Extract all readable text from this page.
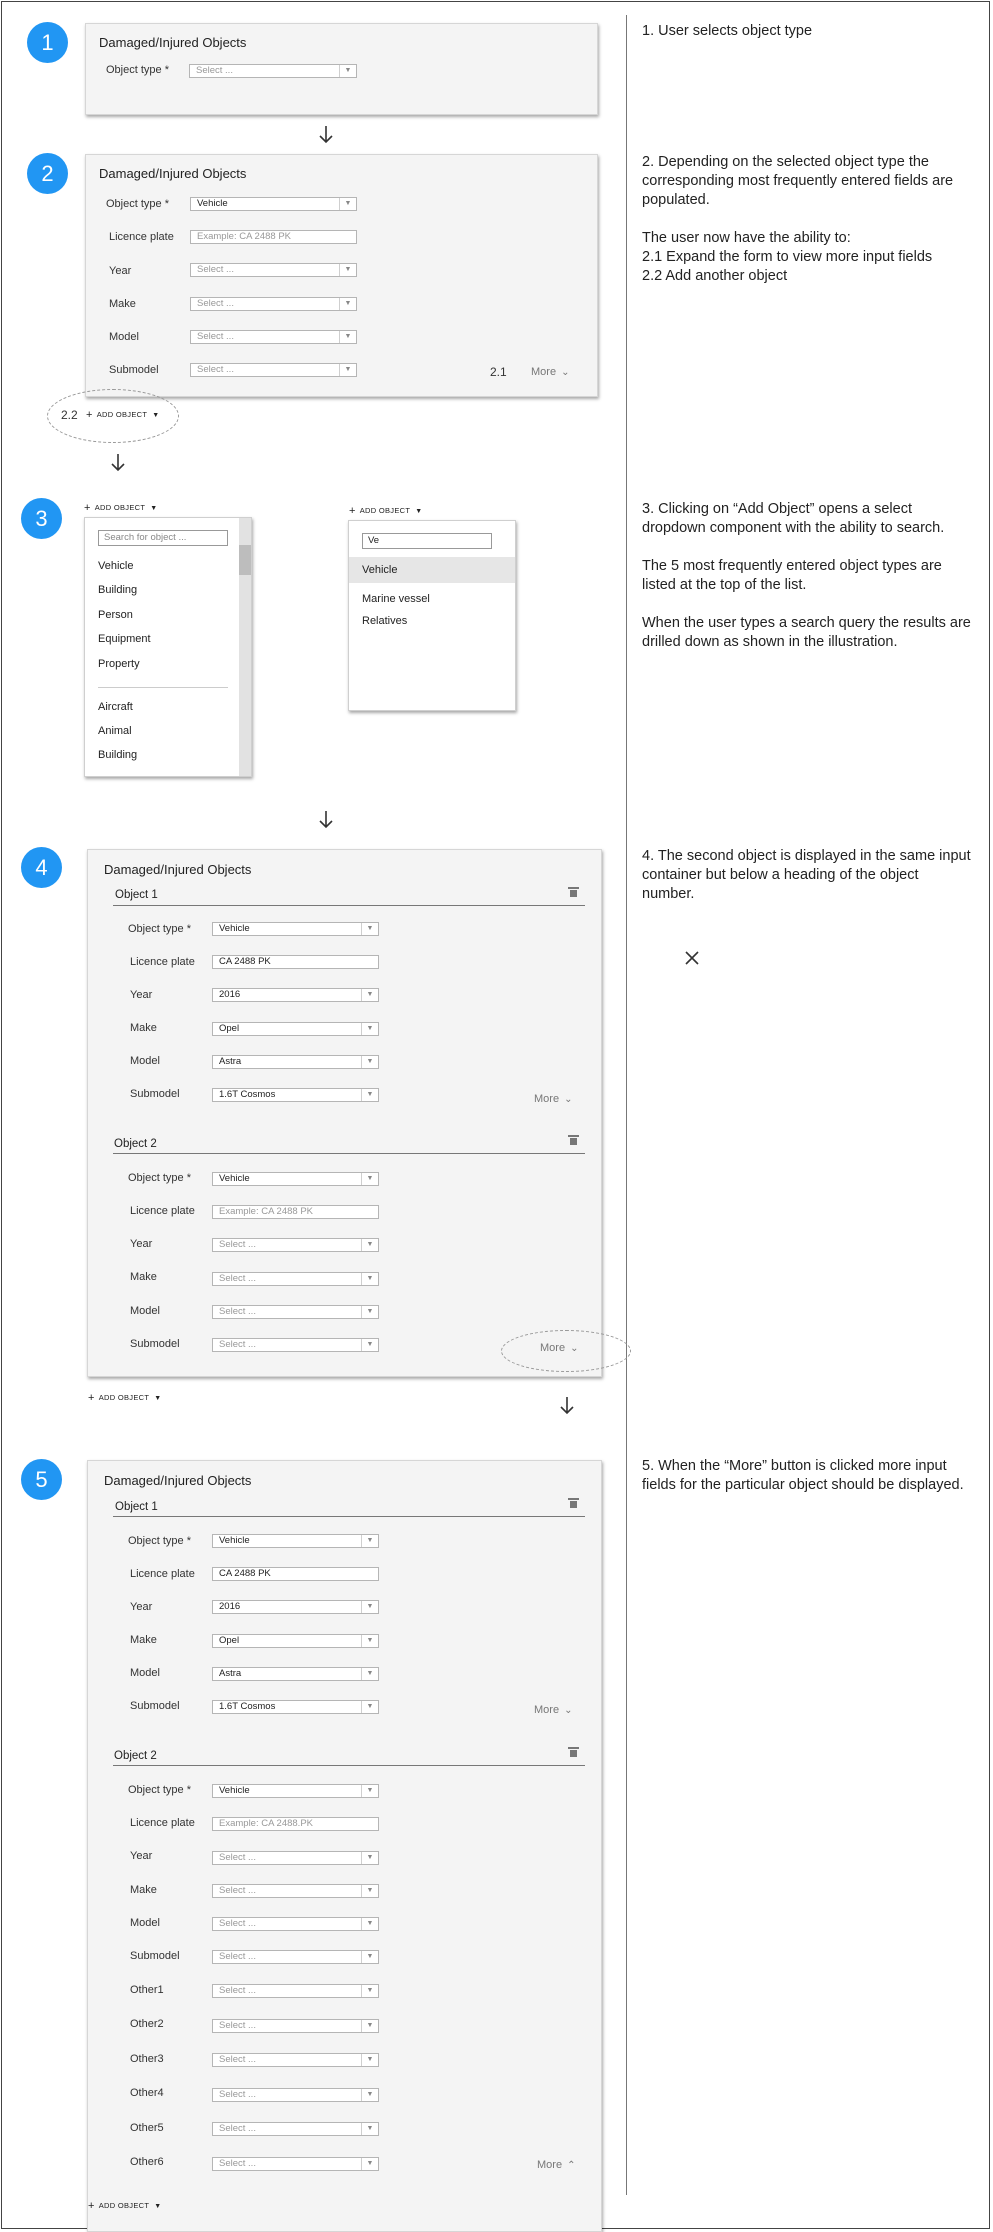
1	Damaged/Injured Objects
Object type *	Select ...	▼

1. User selects object type

2	Damaged/Injured Objects
Object type *	Vehicle	▼
Licence plate	Example: CA 2488 PK
Year	Select ...	▼
Make	Select ...	▼
Model	Select ...	▼
Submodel	Select ...	▼	2.1 More ⌄
2.2 + ADD OBJECT ▼

2. Depending on the selected object type the corresponding most frequently entered fields are populated.

The user now have the ability to:

2.1 Expand the form to view more input fields

2.2 Add another object

3	+ ADD OBJECT ▼
Search for object ...
Vehicle
Building
Person
Equipment
Property
Aircraft
Animal
Building
+ ADD OBJECT ▼
Ve
Vehicle
Marine vessel
Relatives

3. Clicking on “Add Object” opens a select dropdown component with the ability to search.

The 5 most frequently entered object types are listed at the top of the list.

When the user types a search query the results are drilled down as shown in the illustration.

4	Damaged/Injured Objects
Object 1
Object type *	Vehicle	▼
Licence plate	CA 2488 PK
Year	2016	▼
Make	Opel	▼
Model	Astra	▼
Submodel	1.6T Cosmos	▼	More ⌄
Object 2
Object type *	Vehicle	▼
Licence plate	Example: CA 2488 PK
Year	Select ...	▼
Make	Select ...	▼
Model	Select ...	▼
Submodel	Select ...	▼	More ⌄
+ ADD OBJECT ▼

4. The second object is displayed in the same input container but below a heading of the object number.

5	Damaged/Injured Objects
Object 1
Object type *	Vehicle	▼
Licence plate	CA 2488 PK
Year	2016	▼
Make	Opel	▼
Model	Astra	▼
Submodel	1.6T Cosmos	▼	More ⌄
Object 2
Object type *	Vehicle	▼
Licence plate	Example: CA 2488.PK
Year	Select ...	▼
Make	Select ...	▼
Model	Select ...	▼
Submodel	Select ...	▼
Other1	Select ...	▼
Other2	Select ...	▼
Other3	Select ...	▼
Other4	Select ...	▼
Other5	Select ...	▼
Other6	Select ...	▼	More ⌃
+ ADD OBJECT ▼

5. When the “More” button is clicked more input fields for the particular object should be displayed.
